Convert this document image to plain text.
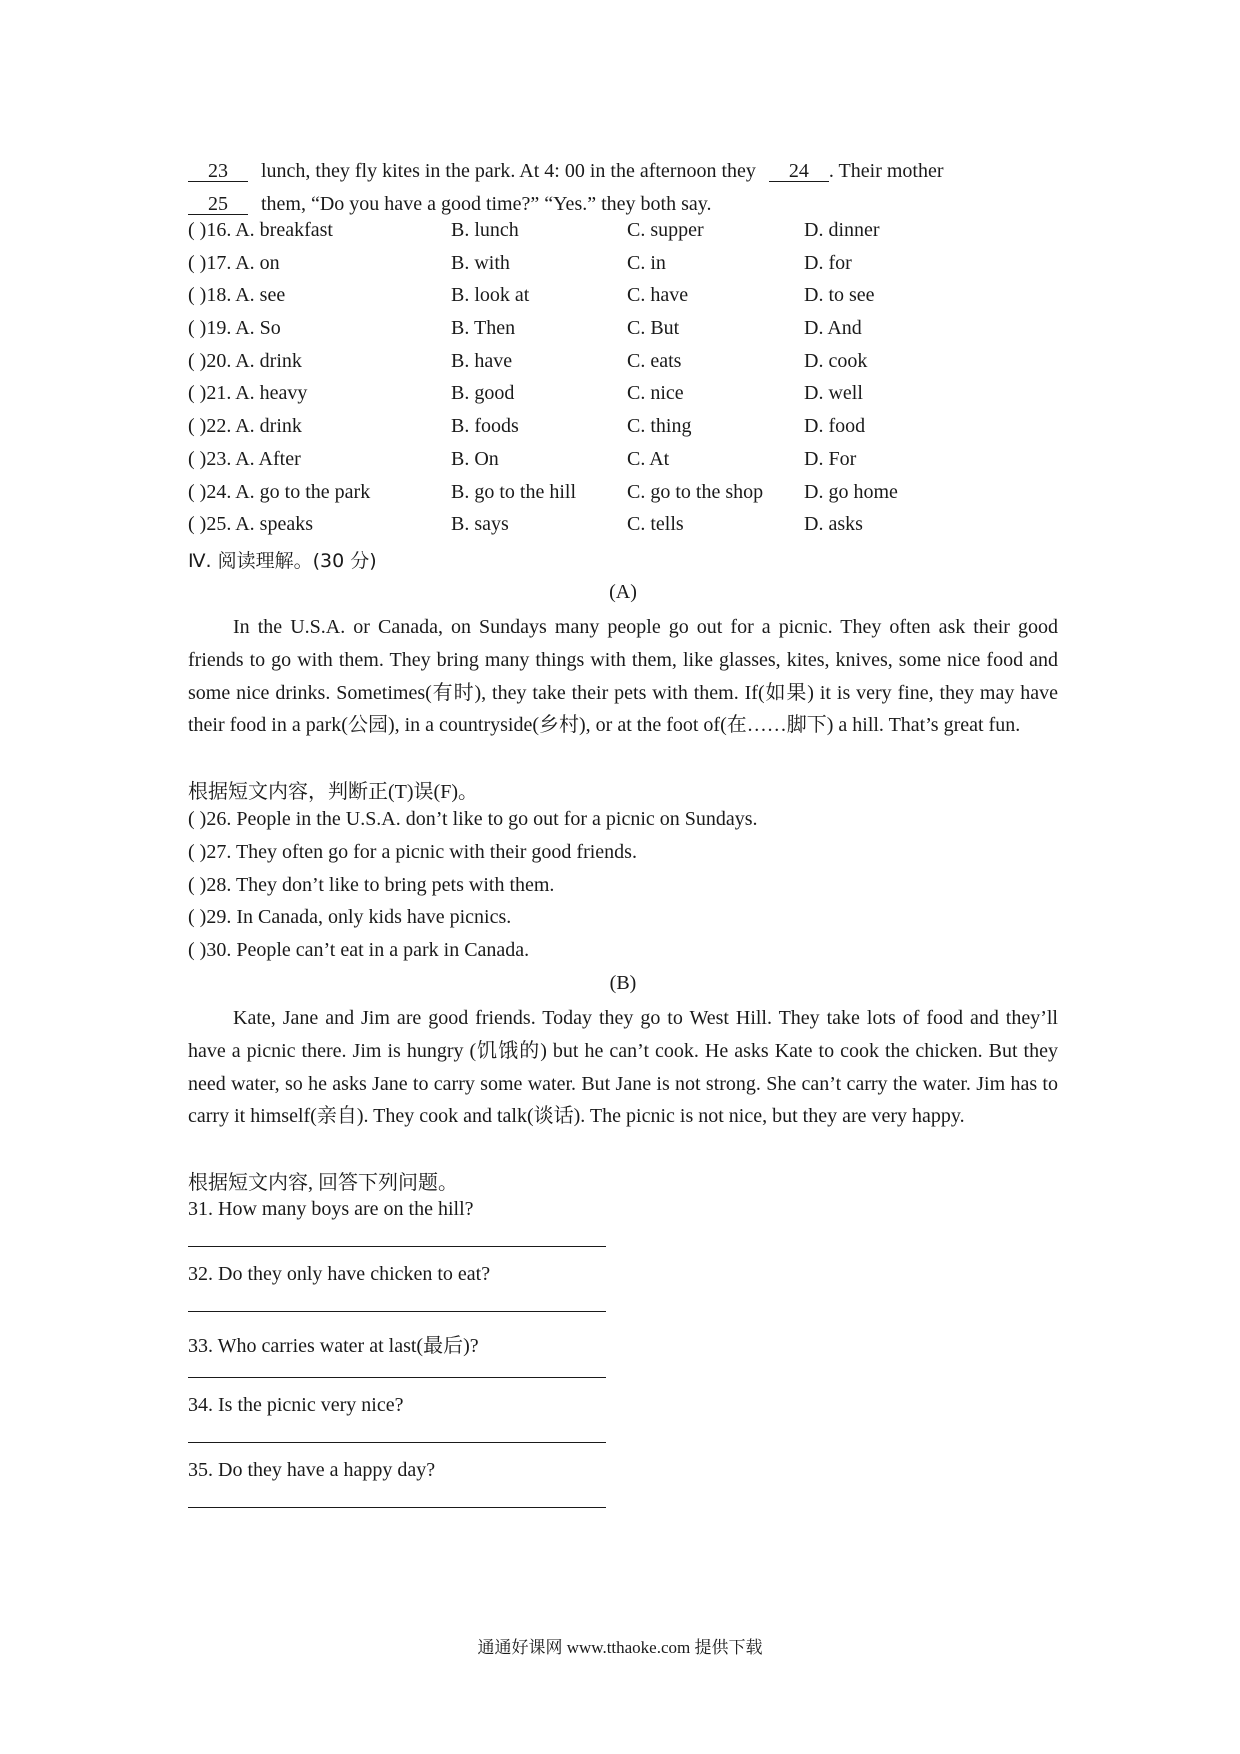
23 lunch, they fly kites in the park. At 4: 00 in the afternoon they 24 . Their mother
25 them, “Do you have a good time?” “Yes.” they both say.
( )16. A. breakfast	B. lunch	C. supper	D. dinner
( )17. A. on	B. with	C. in	D. for
( )18. A. see	B. look at	C. have	D. to see
( )19. A. So	B. Then	C. But	D. And
( )20. A. drink	B. have	C. eats	D. cook
( )21. A. heavy	B. good	C. nice	D. well
( )22. A. drink	B. foods	C. thing	D. food
( )23. A. After	B. On	C. At	D. For
( )24. A. go to the park	B. go to the hill	C. go to the shop D. go home
( )25. A. speaks	B. says	C. tells	D. asks
Ⅳ. 阅读理解。(30 分)
(A)
In the U.S.A. or Canada, on Sundays many people go out for a picnic. They often ask their good friends to go with them. They bring many things with them, like glasses, kites, knives, some nice food and some nice drinks. Sometimes(有时), they take their pets with them. If(如果) it is very fine, they may have their food in a park(公园), in a countryside(乡村), or at the foot of(在……脚下) a hill. That’s great fun.
根据短文内容，判断正(T)误(F)。
( )26. People in the U.S.A. don’t like to go out for a picnic on Sundays.
( )27. They often go for a picnic with their good friends.
( )28. They don’t like to bring pets with them.
( )29. In Canada, only kids have picnics.
( )30. People can’t eat in a park in Canada.
(B)
Kate, Jane and Jim are good friends. Today they go to West Hill. They take lots of food and they’ll have a picnic there. Jim is hungry (饥饿的) but he can’t cook. He asks Kate to cook the chicken. But they need water, so he asks Jane to carry some water. But Jane is not strong. She can’t carry the water. Jim has to carry it himself(亲自). They cook and talk(谈话). The picnic is not nice, but they are very happy.
根据短文内容, 回答下列问题。
31. How many boys are on the hill?
32. Do they only have chicken to eat?
33. Who carries water at last(最后)?
34. Is the picnic very nice?
35. Do they have a happy day?
通通好课网 www.tthaoke.com 提供下载
